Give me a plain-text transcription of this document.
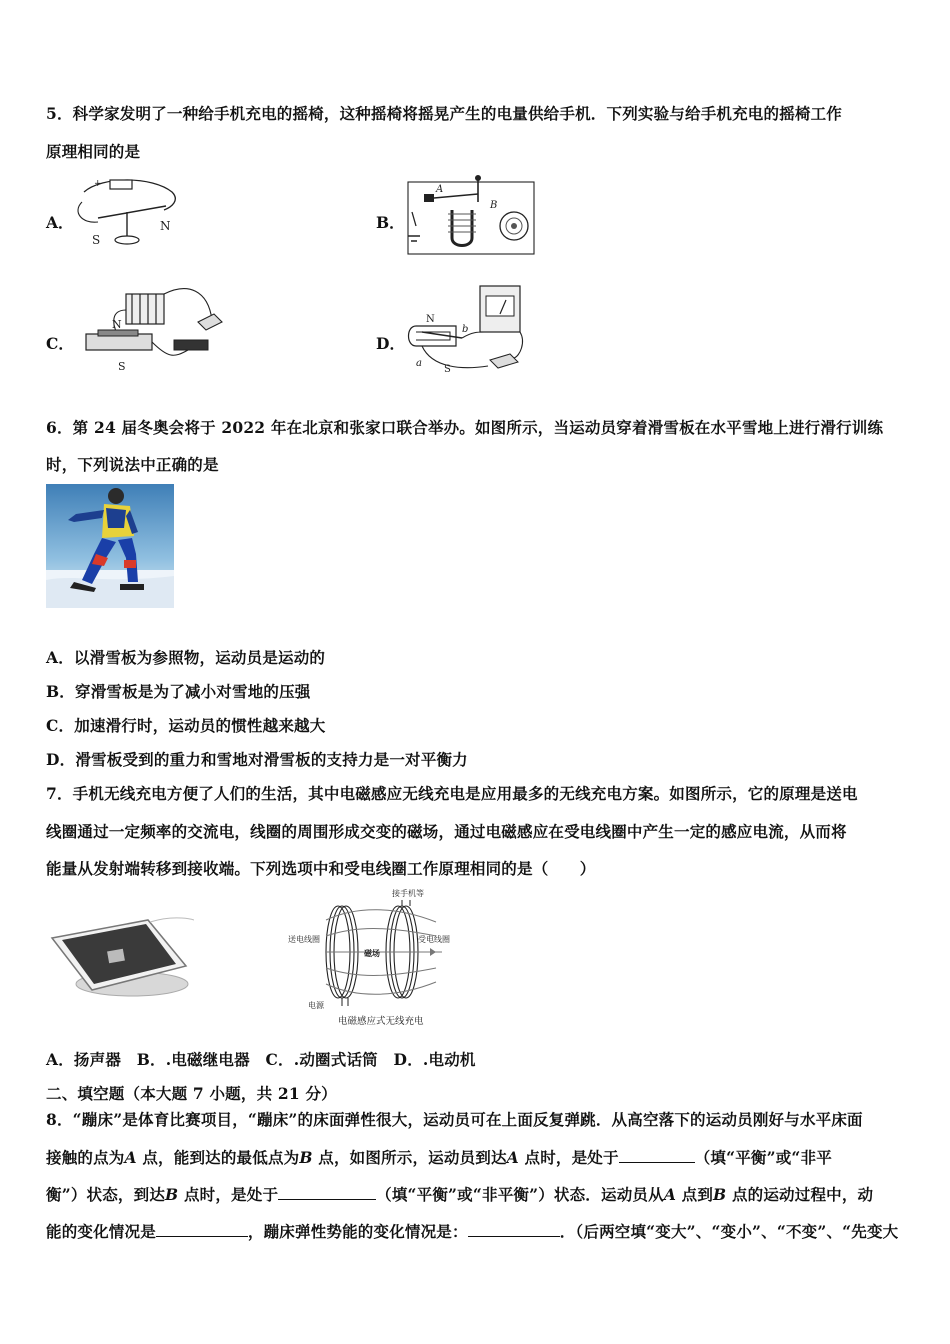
5．科学家发明了一种给手机充电的摇椅，这种摇椅将摇晃产生的电量供给手机．下列实验与给手机充电的摇椅工作
原理相同的是
A．
+
S
N	B．
A
B
C．
N
S
D．
N
S
a
b
6．第 24 届冬奥会将于 2022 年在北京和张家口联合举办。如图所示，当运动员穿着滑雪板在水平雪地上进行滑行训练
时，下列说法中正确的是
A．以滑雪板为参照物，运动员是运动的
B．穿滑雪板是为了减小对雪地的压强
C．加速滑行时，运动员的惯性越来越大
D．滑雪板受到的重力和雪地对滑雪板的支持力是一对平衡力
7．手机无线充电方便了人们的生活，其中电磁感应无线充电是应用最多的无线充电方案。如图所示，它的原理是送电
线圈通过一定频率的交流电，线圈的周围形成交变的磁场，通过电磁感应在受电线圈中产生一定的感应电流，从而将
能量从发射端转移到接收端。下列选项中和受电线圈工作原理相同的是（　　）
接手机等
送电线圈	受电线圈
磁场
电源
电磁感应式无线充电
A．扬声器　B．.电磁继电器　C．.动圈式话筒　D．.电动机
二、填空题（本大题 7 小题，共 21 分）
8．“蹦床”是体育比赛项目，“蹦床”的床面弹性很大，运动员可在上面反复弹跳．从高空落下的运动员刚好与水平床面
接触的点为A 点，能到达的最低点为B 点，如图所示，运动员到达A 点时，是处于	（填“平衡”或“非平
衡”）状态，到达B 点时，是处于	（填“平衡”或“非平衡”）状态．运动员从A 点到B 点的运动过程中，动
能的变化情况是	，蹦床弹性势能的变化情况是：	．（后两空填“变大”、“变小”、“不变”、“先变大
